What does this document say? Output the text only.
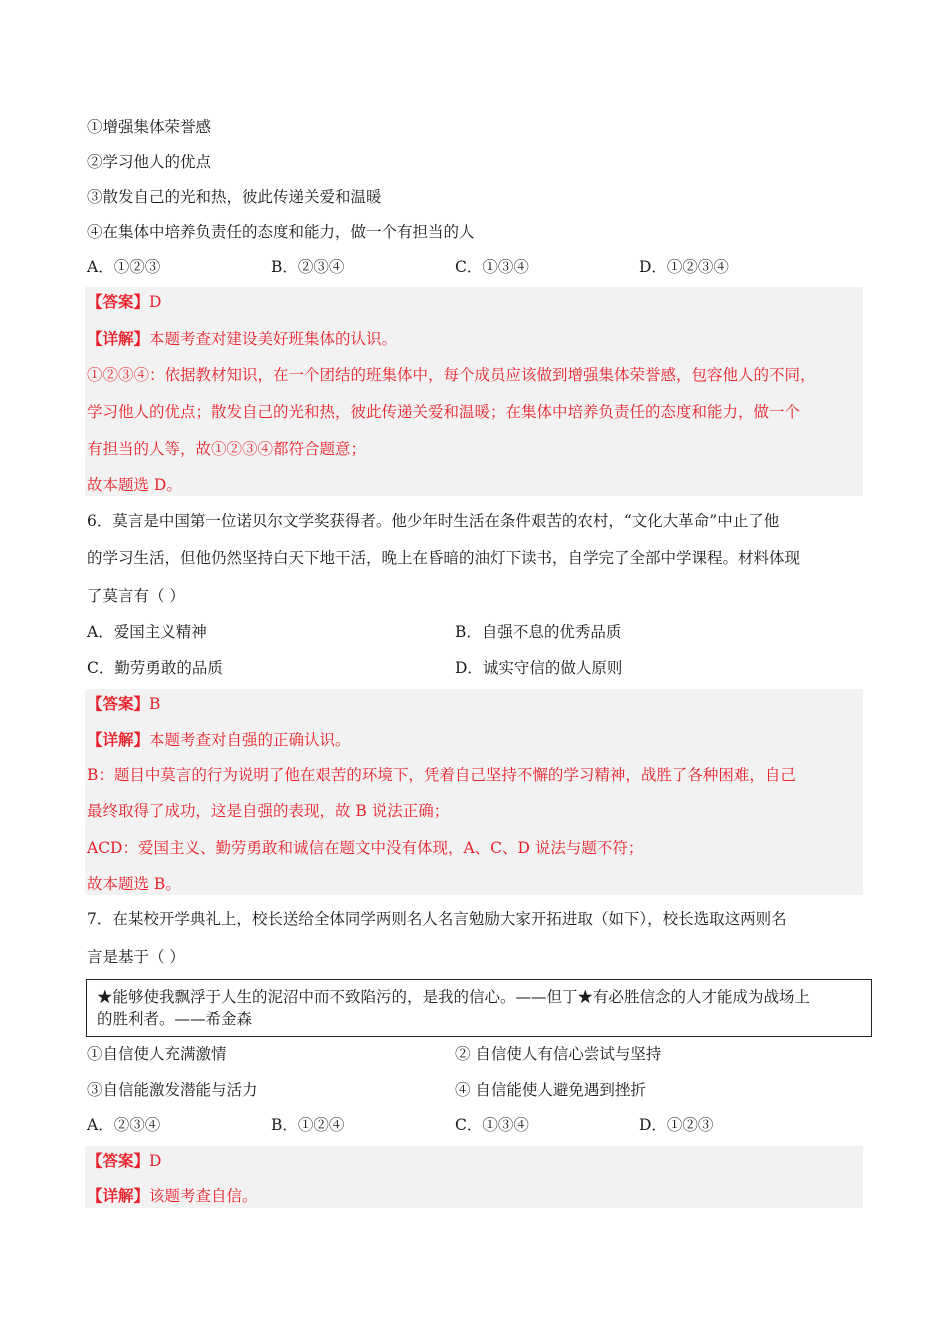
①增强集体荣誉感
②学习他人的优点
③散发自己的光和热，彼此传递关爱和温暖
④在集体中培养负责任的态度和能力，做一个有担当的人
A．①②③	B．②③④	C．①③④	D．①②③④
【答案】D
【详解】本题考查对建设美好班集体的认识。
①②③④：依据教材知识，在一个团结的班集体中，每个成员应该做到增强集体荣誉感，包容他人的不同，
学习他人的优点；散发自己的光和热，彼此传递关爱和温暖；在集体中培养负责任的态度和能力，做一个
有担当的人等，故①②③④都符合题意；
故本题选 D。
6．莫言是中国第一位诺贝尔文学奖获得者。他少年时生活在条件艰苦的农村，“文化大革命”中止了他
的学习生活，但他仍然坚持白天下地干活，晚上在昏暗的油灯下读书，自学完了全部中学课程。材料体现
了莫言有（ ）
A．爱国主义精神	B．自强不息的优秀品质
C．勤劳勇敢的品质	D．诚实守信的做人原则
【答案】B
【详解】本题考查对自强的正确认识。
B：题目中莫言的行为说明了他在艰苦的环境下，凭着自己坚持不懈的学习精神，战胜了各种困难，自己
最终取得了成功，这是自强的表现，故 B 说法正确；
ACD：爱国主义、勤劳勇敢和诚信在题文中没有体现，A、C、D 说法与题不符；
故本题选 B。
7．在某校开学典礼上，校长送给全体同学两则名人名言勉励大家开拓进取（如下），校长选取这两则名
言是基于（ ）
★能够使我飘浮于人生的泥沼中而不致陷污的，是我的信心。——但丁★有必胜信念的人才能成为战场上
的胜利者。——希金森
①自信使人充满激情	② 自信使人有信心尝试与坚持
③自信能激发潜能与活力	④ 自信能使人避免遇到挫折
A．②③④	B．①②④	C．①③④	D．①②③
【答案】D
【详解】该题考查自信。
